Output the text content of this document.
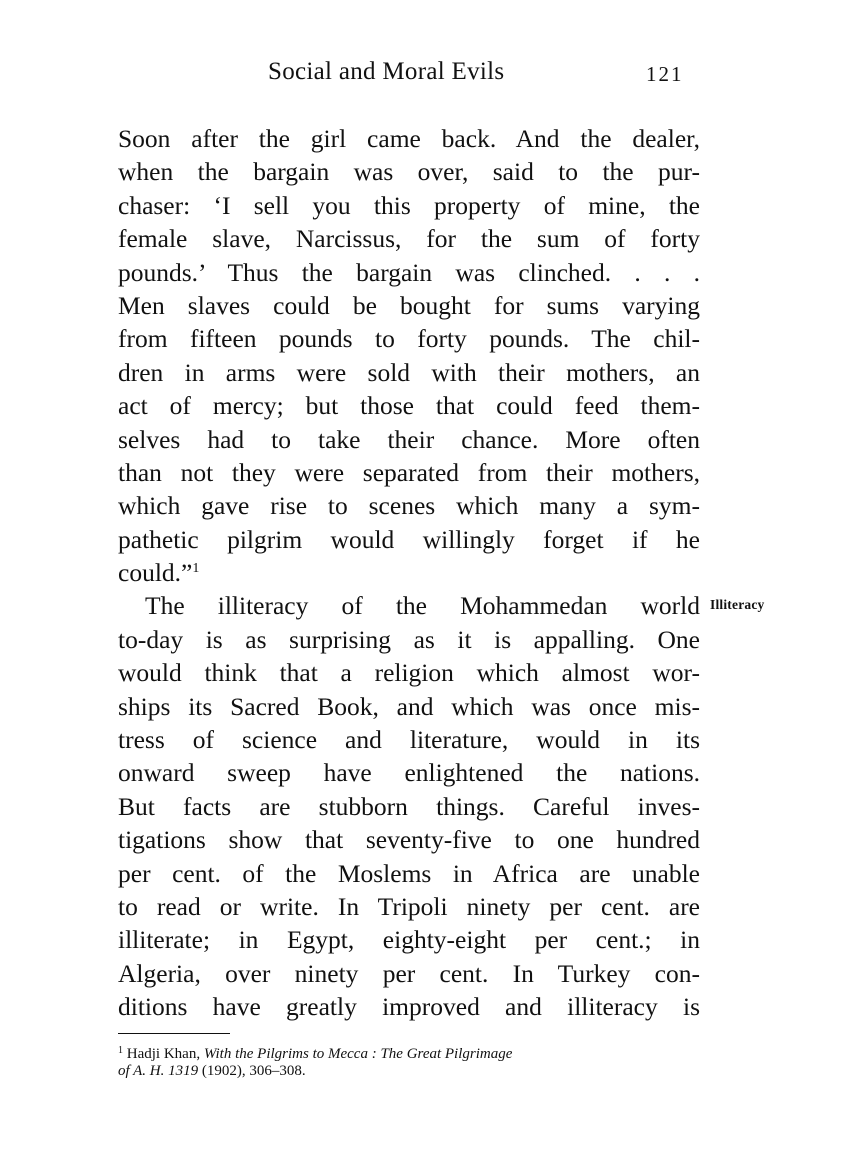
Social and Moral Evils	121
Soon after the girl came back. And the dealer,
when the bargain was over, said to the pur-
chaser: ‘I sell you this property of mine, the
female slave, Narcissus, for the sum of forty
pounds.’ Thus the bargain was clinched. . . .
Men slaves could be bought for sums varying
from fifteen pounds to forty pounds. The chil-
dren in arms were sold with their mothers, an
act of mercy; but those that could feed them-
selves had to take their chance. More often
than not they were separated from their mothers,
which gave rise to scenes which many a sym-
pathetic pilgrim would willingly forget if he
could.”$^1$
The illiteracy of the Mohammedan world
to-day is as surprising as it is appalling. One
would think that a religion which almost wor-
ships its Sacred Book, and which was once mis-
tress of science and literature, would in its
onward sweep have enlightened the nations.
But facts are stubborn things. Careful inves-
tigations show that seventy-five to one hundred
per cent. of the Moslems in Africa are unable
to read or write. In Tripoli ninety per cent. are
illiterate; in Egypt, eighty-eight per cent.; in
Algeria, over ninety per cent. In Turkey con-
ditions have greatly improved and illiteracy is
Illiteracy
$^1$ Hadji Khan, With the Pilgrims to Mecca : The Great Pilgrimage
of A. H. 1319 (1902), 306–308.
